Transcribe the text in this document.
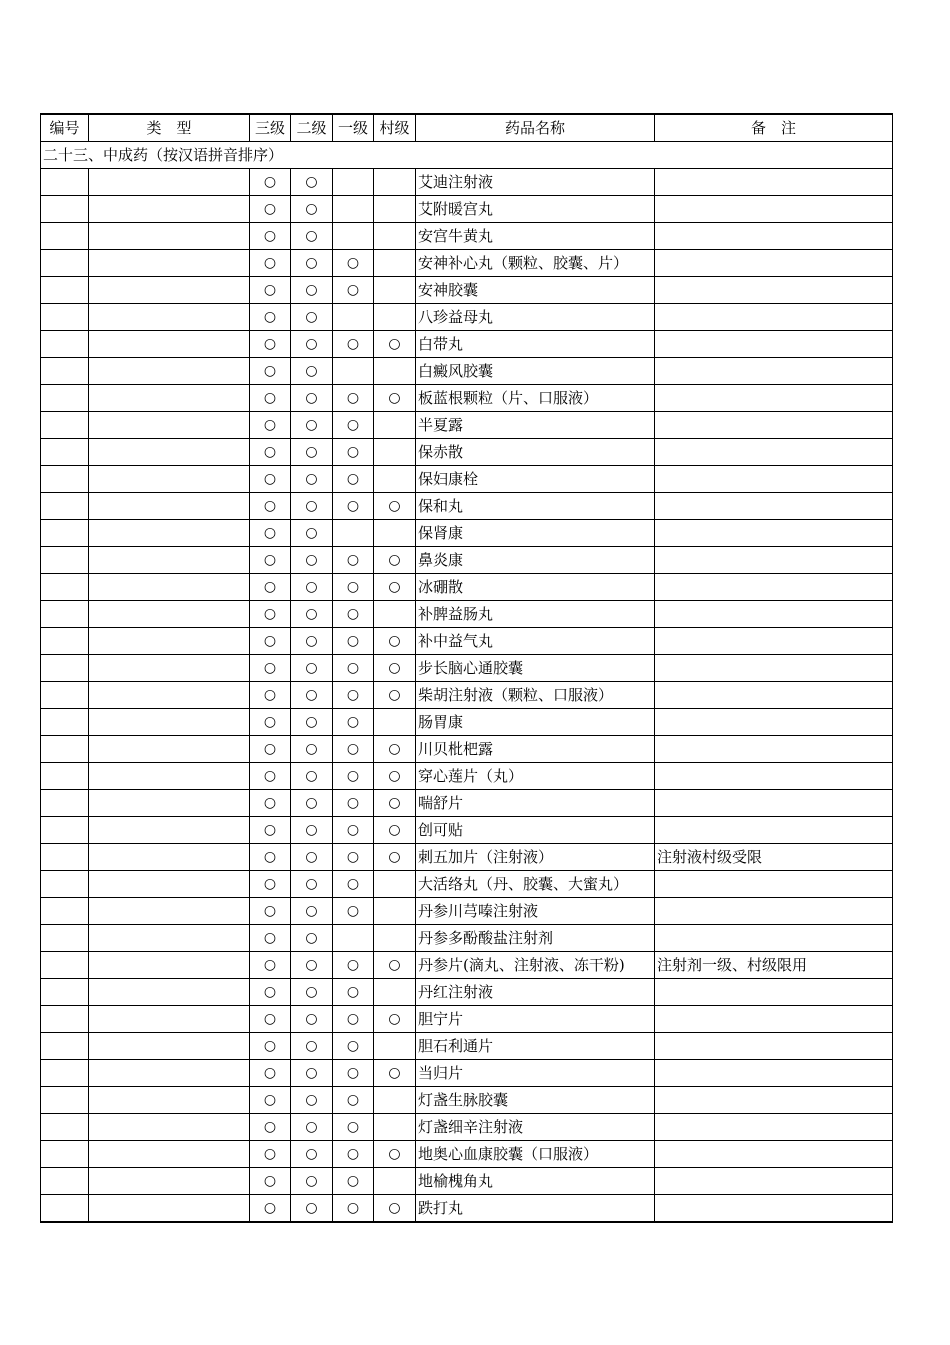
编号	类　型	三级	二级	一级	村级	药品名称	备　注
二十三、中成药（按汉语拼音排序）							
		○	○			艾迪注射液	
		○	○			艾附暖宫丸	
		○	○			安宫牛黄丸	
		○	○	○		安神补心丸（颗粒、胶囊、片）	
		○	○	○		安神胶囊	
		○	○			八珍益母丸	
		○	○	○	○	白带丸	
		○	○			白癜风胶囊	
		○	○	○	○	板蓝根颗粒（片、口服液）	
		○	○	○		半夏露	
		○	○	○		保赤散	
		○	○	○		保妇康栓	
		○	○	○	○	保和丸	
		○	○			保肾康	
		○	○	○	○	鼻炎康	
		○	○	○	○	冰硼散	
		○	○	○		补脾益肠丸	
		○	○	○	○	补中益气丸	
		○	○	○	○	步长脑心通胶囊	
		○	○	○	○	柴胡注射液（颗粒、口服液）	
		○	○	○		肠胃康	
		○	○	○	○	川贝枇杷露	
		○	○	○	○	穿心莲片（丸）	
		○	○	○	○	喘舒片	
		○	○	○	○	创可贴	
		○	○	○	○	刺五加片（注射液）	注射液村级受限
		○	○	○		大活络丸（丹、胶囊、大蜜丸）	
		○	○	○		丹参川芎嗪注射液	
		○	○			丹参多酚酸盐注射剂	
		○	○	○	○	丹参片(滴丸、注射液、冻干粉)	注射剂一级、村级限用
		○	○	○		丹红注射液	
		○	○	○	○	胆宁片	
		○	○	○		胆石利通片	
		○	○	○	○	当归片	
		○	○	○		灯盏生脉胶囊	
		○	○	○		灯盏细辛注射液	
		○	○	○	○	地奥心血康胶囊（口服液）	
		○	○	○		地榆槐角丸	
		○	○	○	○	跌打丸	
